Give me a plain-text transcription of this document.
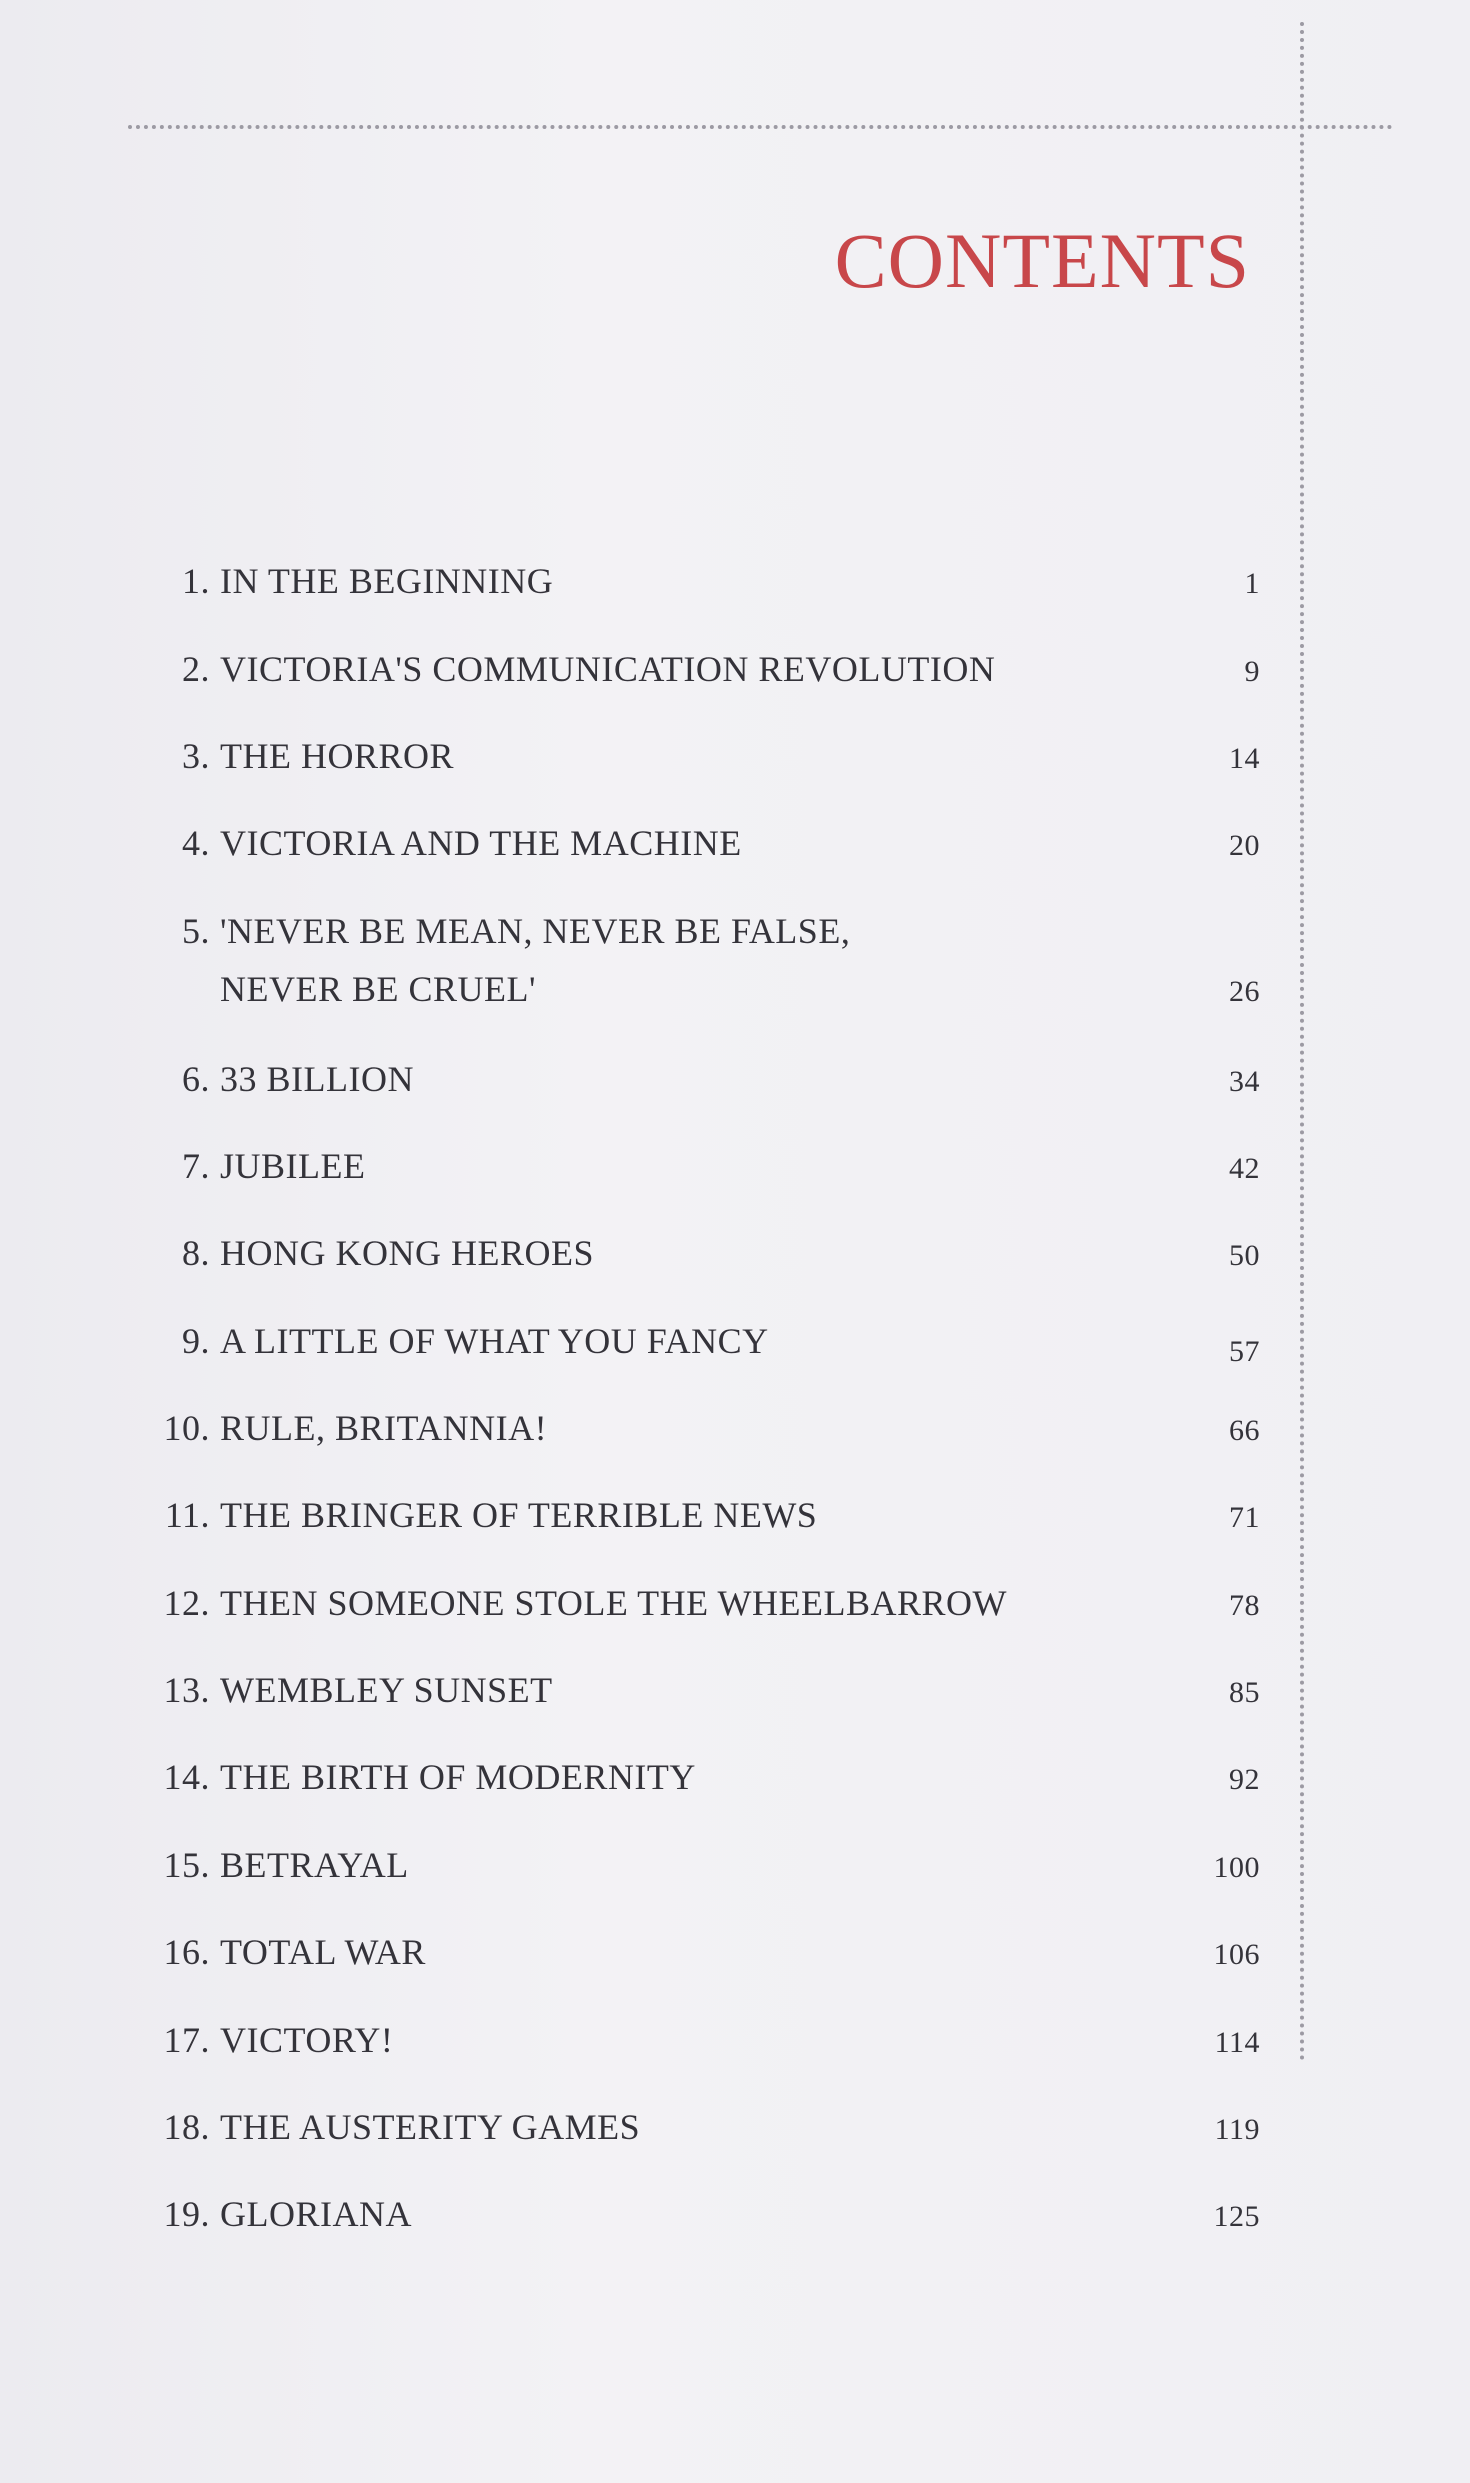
CONTENTS
1. IN THE BEGINNING	1
2. VICTORIA'S COMMUNICATION REVOLUTION	9
3. THE HORROR	14
4. VICTORIA AND THE MACHINE	20
5. 'NEVER BE MEAN, NEVER BE FALSE,
NEVER BE CRUEL'	26
6. 33 BILLION	34
7. JUBILEE	42
8. HONG KONG HEROES	50
9. A LITTLE OF WHAT YOU FANCY	57
10. RULE, BRITANNIA!	66
11. THE BRINGER OF TERRIBLE NEWS	71
12. THEN SOMEONE STOLE THE WHEELBARROW	78
13. WEMBLEY SUNSET	85
14. THE BIRTH OF MODERNITY	92
15. BETRAYAL	100
16. TOTAL WAR	106
17. VICTORY!	114
18. THE AUSTERITY GAMES	119
19. GLORIANA	125
